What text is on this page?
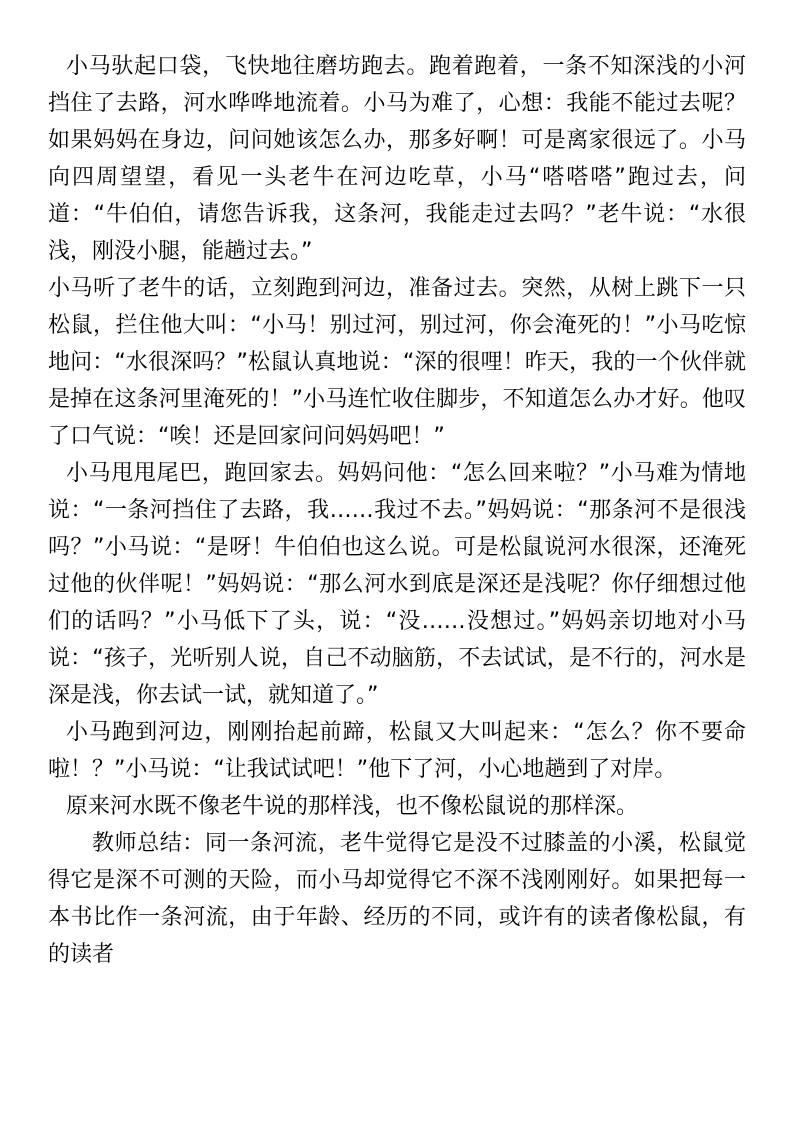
小马驮起口袋，飞快地往磨坊跑去。跑着跑着，一条不知深浅的小河挡住了去路，河水哗哗地流着。小马为难了，心想：我能不能过去呢？如果妈妈在身边，问问她该怎么办，那多好啊！可是离家很远了。小马向四周望望，看见一头老牛在河边吃草，小马“嗒嗒嗒”跑过去，问道：“牛伯伯，请您告诉我，这条河，我能走过去吗？”老牛说：“水很浅，刚没小腿，能趟过去。”

小马听了老牛的话，立刻跑到河边，准备过去。突然，从树上跳下一只松鼠，拦住他大叫：“小马！别过河，别过河，你会淹死的！”小马吃惊地问：“水很深吗？”松鼠认真地说：“深的很哩！昨天，我的一个伙伴就是掉在这条河里淹死的！”小马连忙收住脚步，不知道怎么办才好。他叹了口气说：“唉！还是回家问问妈妈吧！”

小马甩甩尾巴，跑回家去。妈妈问他：“怎么回来啦？”小马难为情地说：“一条河挡住了去路，我……我过不去。”妈妈说：“那条河不是很浅吗？”小马说：“是呀！牛伯伯也这么说。可是松鼠说河水很深，还淹死过他的伙伴呢！”妈妈说：“那么河水到底是深还是浅呢？你仔细想过他们的话吗？”小马低下了头，说：“没……没想过。”妈妈亲切地对小马说：“孩子，光听别人说，自己不动脑筋，不去试试，是不行的，河水是深是浅，你去试一试，就知道了。”

小马跑到河边，刚刚抬起前蹄，松鼠又大叫起来：“怎么？你不要命啦！？”小马说：“让我试试吧！”他下了河，小心地趟到了对岸。

原来河水既不像老牛说的那样浅，也不像松鼠说的那样深。

教师总结：同一条河流，老牛觉得它是没不过膝盖的小溪，松鼠觉得它是深不可测的天险，而小马却觉得它不深不浅刚刚好。如果把每一本书比作一条河流，由于年龄、经历的不同，或许有的读者像松鼠，有的读者
